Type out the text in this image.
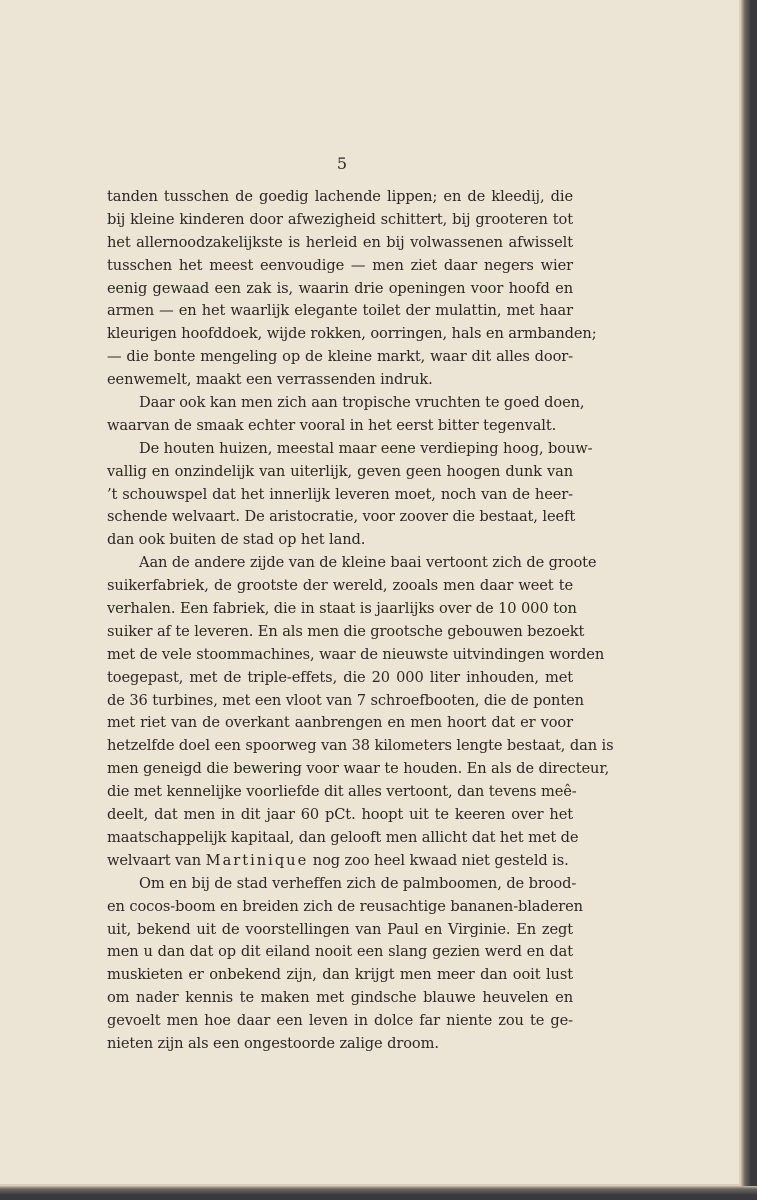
5
tanden tusschen de goedig lachende lippen; en de kleedij, die
bij kleine kinderen door afwezigheid schittert, bij grooteren tot
het allernoodzakelijkste is herleid en bij volwassenen afwisselt
tusschen het meest eenvoudige — men ziet daar negers wier
eenig gewaad een zak is, waarin drie openingen voor hoofd en
armen — en het waarlijk elegante toilet der mulattin, met haar
kleurigen hoofddoek, wijde rokken, oorringen, hals en armbanden;
— die bonte mengeling op de kleine markt, waar dit alles door-
eenwemelt, maakt een verrassenden indruk.
Daar ook kan men zich aan tropische vruchten te goed doen,
waarvan de smaak echter vooral in het eerst bitter tegenvalt.
De houten huizen, meestal maar eene verdieping hoog, bouw-
vallig en onzindelijk van uiterlijk, geven geen hoogen dunk van
’t schouwspel dat het innerlijk leveren moet, noch van de heer-
schende welvaart. De aristocratie, voor zoover die bestaat, leeft
dan ook buiten de stad op het land.
Aan de andere zijde van de kleine baai vertoont zich de groote
suikerfabriek, de grootste der wereld, zooals men daar weet te
verhalen. Een fabriek, die in staat is jaarlijks over de 10 000 ton
suiker af te leveren. En als men die grootsche gebouwen bezoekt
met de vele stoommachines, waar de nieuwste uitvindingen worden
toegepast, met de triple-effets, die 20 000 liter inhouden, met
de 36 turbines, met een vloot van 7 schroefbooten, die de ponten
met riet van de overkant aanbrengen en men hoort dat er voor
hetzelfde doel een spoorweg van 38 kilometers lengte bestaat, dan is
men geneigd die bewering voor waar te houden. En als de directeur,
die met kennelijke voorliefde dit alles vertoont, dan tevens meê-
deelt, dat men in dit jaar 60 pCt. hoopt uit te keeren over het
maatschappelijk kapitaal, dan gelooft men allicht dat het met de
welvaart van Martinique nog zoo heel kwaad niet gesteld is.
Om en bij de stad verheffen zich de palmboomen, de brood-
en cocos-boom en breiden zich de reusachtige bananen-bladeren
uit, bekend uit de voorstellingen van Paul en Virginie. En zegt
men u dan dat op dit eiland nooit een slang gezien werd en dat
muskieten er onbekend zijn, dan krijgt men meer dan ooit lust
om nader kennis te maken met gindsche blauwe heuvelen en
gevoelt men hoe daar een leven in dolce far niente zou te ge-
nieten zijn als een ongestoorde zalige droom.
